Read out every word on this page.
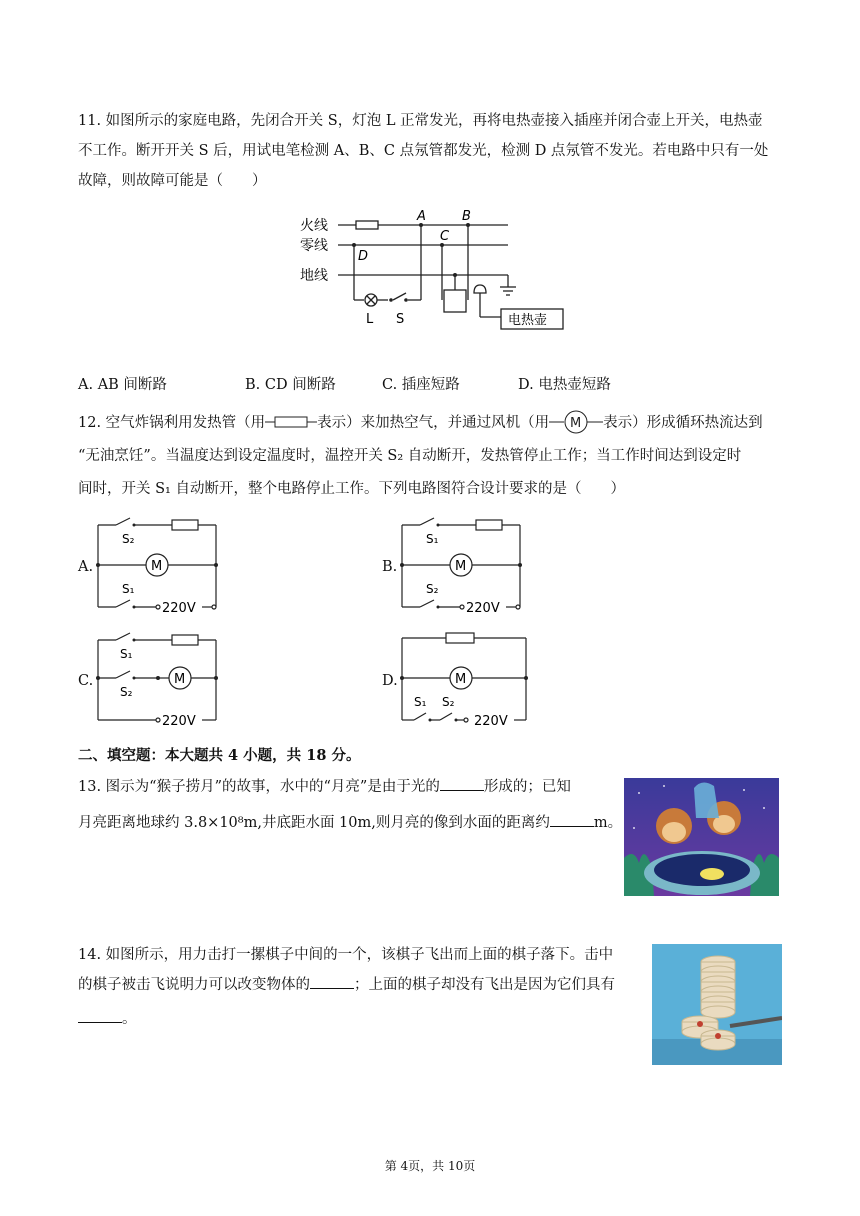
11. 如图所示的家庭电路，先闭合开关 S，灯泡 L 正常发光，再将电热壶接入插座并闭合壶上开关，电热壶
不工作。断开开关 S 后，用试电笔检测 A、B、C 点氖管都发光，检测 D 点氖管不发光。若电路中只有一处
故障，则故障可能是（　　）
火线
零线
地线
A	B
C
D
L S	电热壶
A. AB 间断路	B. CD 间断路	C. 插座短路	D. 电热壶短路
12. 空气炸锅利用发热管（用	表示）来加热空气，并通过风机（用 M 表示）形成循环热流达到
“无油烹饪”。当温度达到设定温度时，温控开关 S₂ 自动断开，发热管停止工作；当工作时间达到设定时
间时，开关 S₁ 自动断开，整个电路停止工作。下列电路图符合设计要求的是（　　）
A.	M
S₂
S₁
220V
B.	M
S₁
S₂
220V
C.	M
S₁
S₂
220V
D.	M
S₁ S₂
220V
二、填空题：本大题共 4 小题，共 18 分。
13. 图示为“猴子捞月”的故事，水中的“月亮”是由于光的	形成的；已知
月亮距离地球约 3.8×10⁸m,井底距水面 10m,则月亮的像到水面的距离约	m。
14. 如图所示，用力击打一摞棋子中间的一个，该棋子飞出而上面的棋子落下。击中
的棋子被击飞说明力可以改变物体的	；上面的棋子却没有飞出是因为它们具有
。
第 4页，共 10页
